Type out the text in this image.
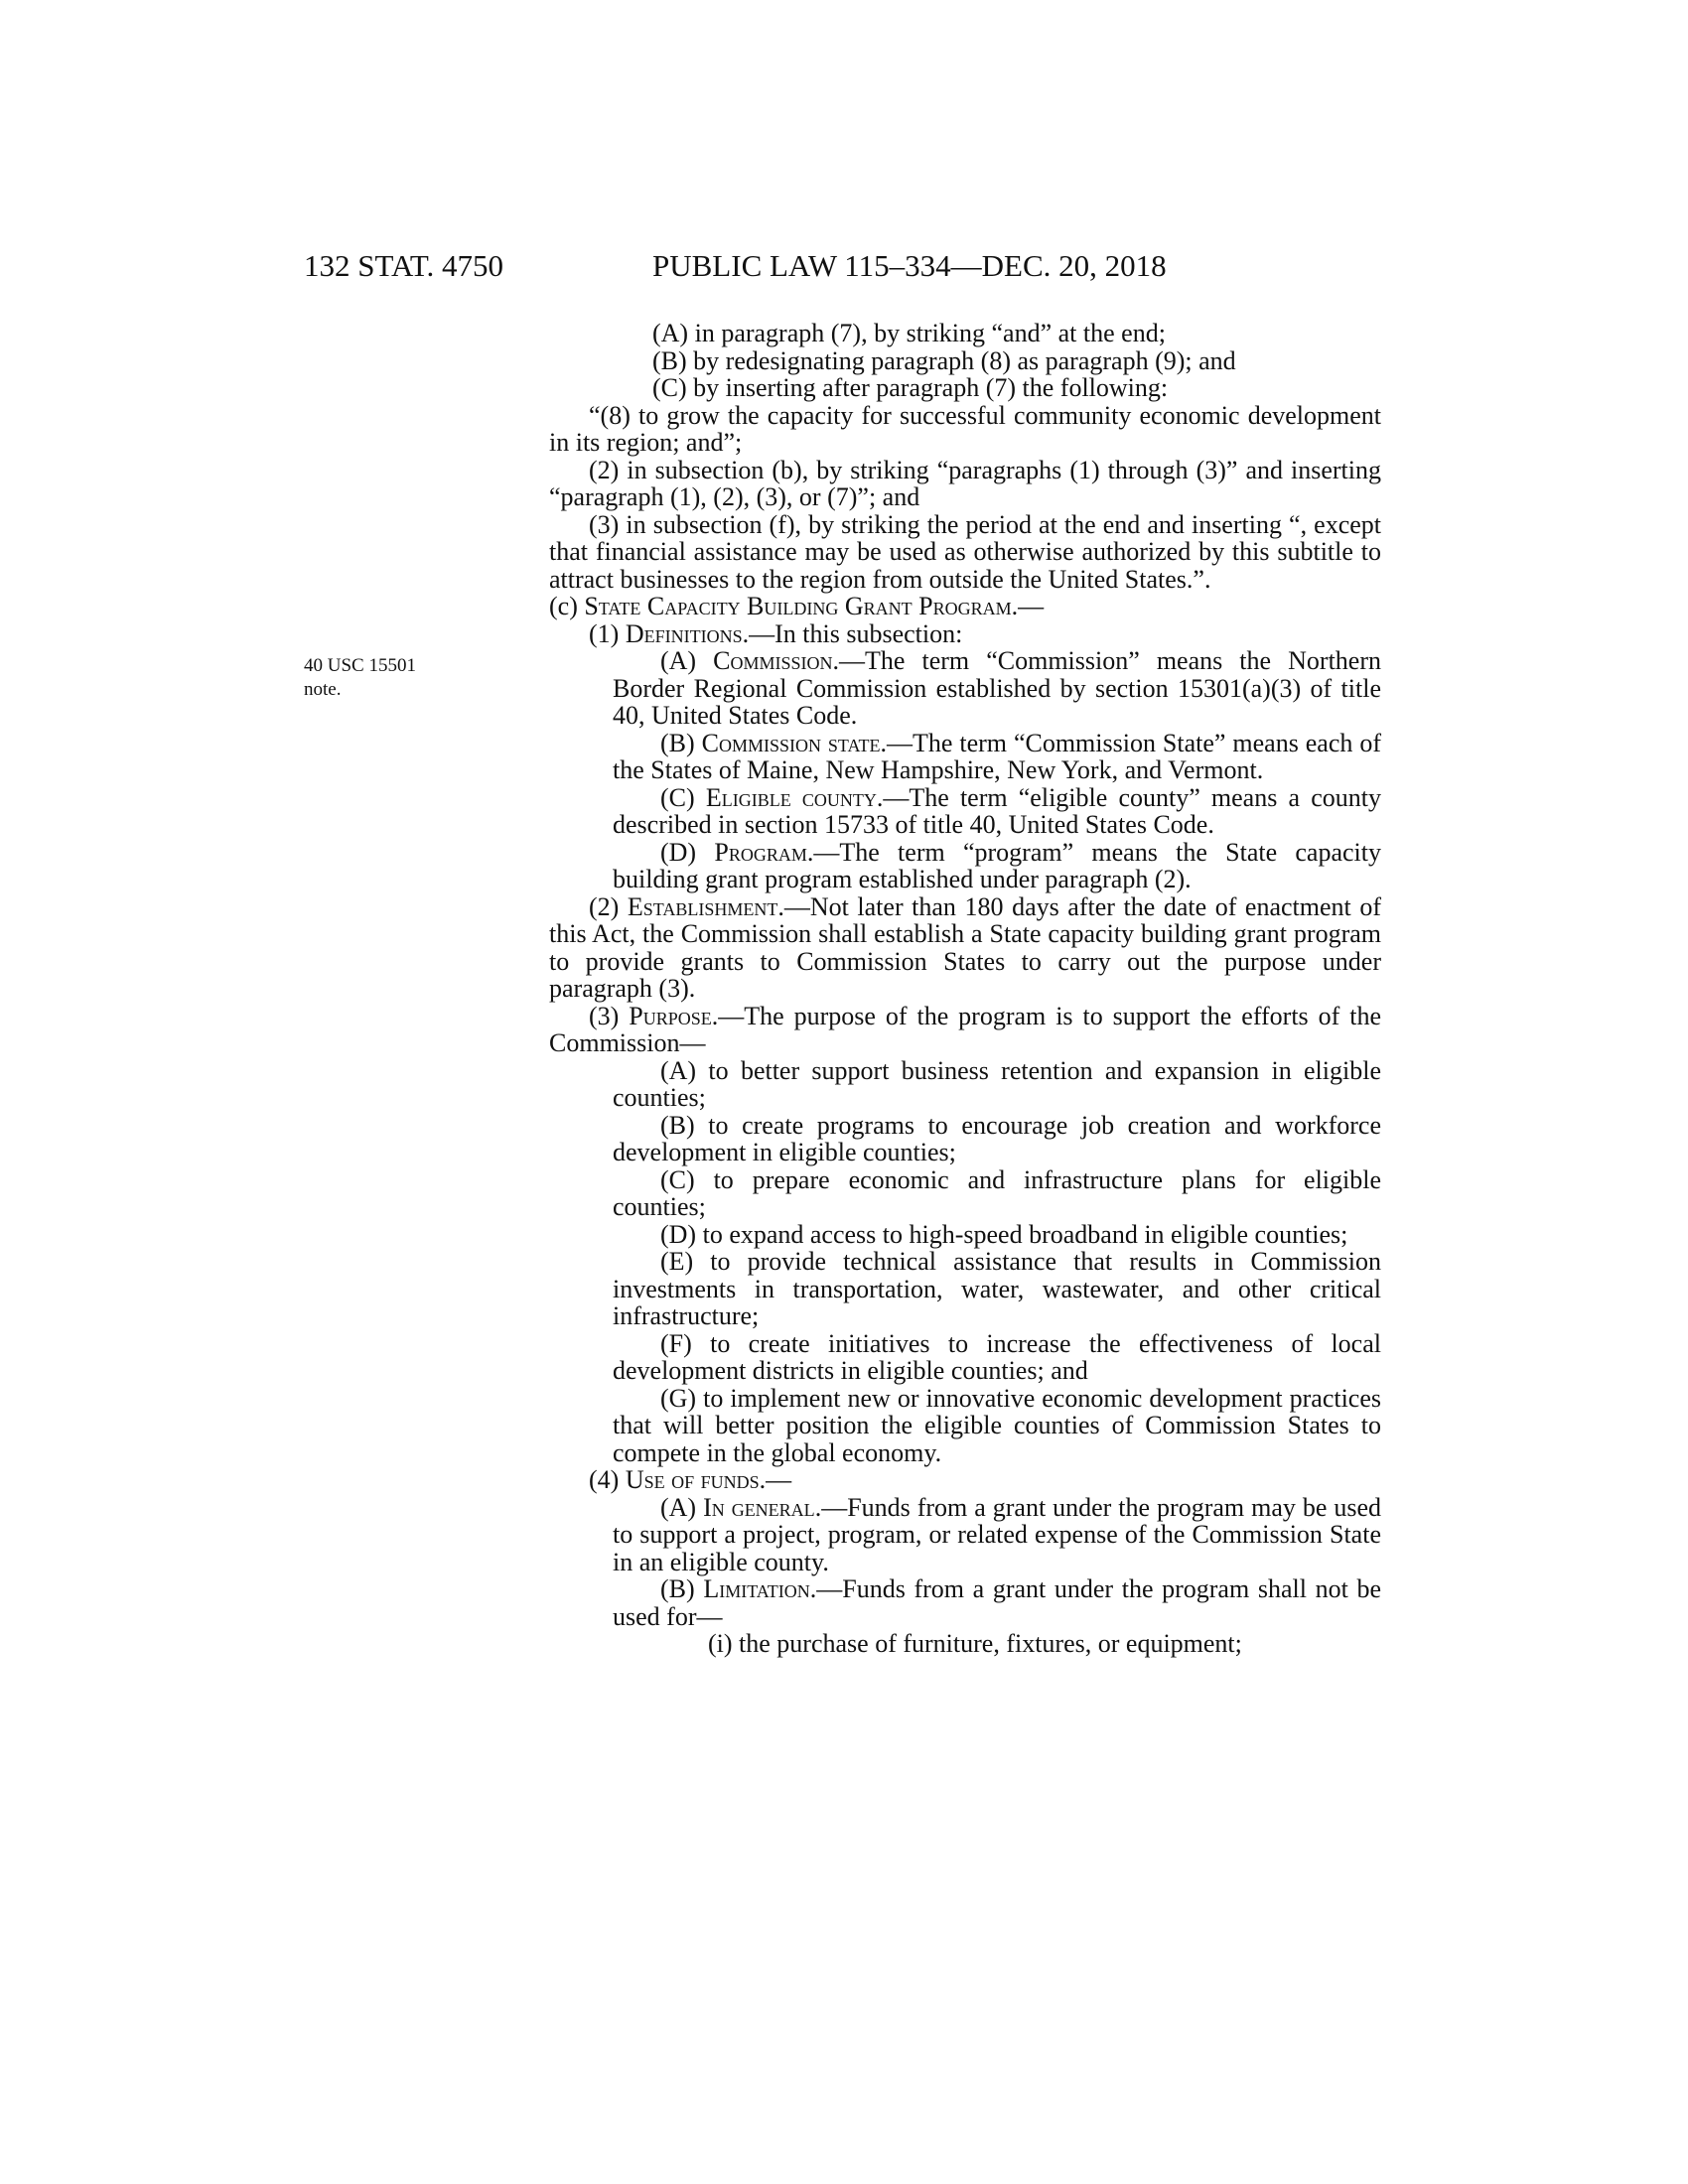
132 STAT. 4750	PUBLIC LAW 115–334—DEC. 20, 2018
40 USC 15501
note.

(A) in paragraph (7), by striking “and” at the end;

(B) by redesignating paragraph (8) as paragraph (9); and

(C) by inserting after paragraph (7) the following:

“(8) to grow the capacity for successful community economic development in its region; and”;

(2) in subsection (b), by striking “paragraphs (1) through (3)” and inserting “paragraph (1), (2), (3), or (7)”; and

(3) in subsection (f), by striking the period at the end and inserting “, except that financial assistance may be used as otherwise authorized by this subtitle to attract businesses to the region from outside the United States.”.

(c) State Capacity Building Grant Program.—

(1) Definitions.—In this subsection:

(A) Commission.—The term “Commission” means the Northern Border Regional Commission established by section 15301(a)(3) of title 40, United States Code.

(B) Commission state.—The term “Commission State” means each of the States of Maine, New Hampshire, New York, and Vermont.

(C) Eligible county.—The term “eligible county” means a county described in section 15733 of title 40, United States Code.

(D) Program.—The term “program” means the State capacity building grant program established under paragraph (2).

(2) Establishment.—Not later than 180 days after the date of enactment of this Act, the Commission shall establish a State capacity building grant program to provide grants to Commission States to carry out the purpose under paragraph (3).

(3) Purpose.—The purpose of the program is to support the efforts of the Commission—

(A) to better support business retention and expansion in eligible counties;

(B) to create programs to encourage job creation and workforce development in eligible counties;

(C) to prepare economic and infrastructure plans for eligible counties;

(D) to expand access to high-speed broadband in eligible counties;

(E) to provide technical assistance that results in Commission investments in transportation, water, wastewater, and other critical infrastructure;

(F) to create initiatives to increase the effectiveness of local development districts in eligible counties; and

(G) to implement new or innovative economic development practices that will better position the eligible counties of Commission States to compete in the global economy.

(4) Use of funds.—

(A) In general.—Funds from a grant under the program may be used to support a project, program, or related expense of the Commission State in an eligible county.

(B) Limitation.—Funds from a grant under the program shall not be used for—

(i) the purchase of furniture, fixtures, or equipment;
